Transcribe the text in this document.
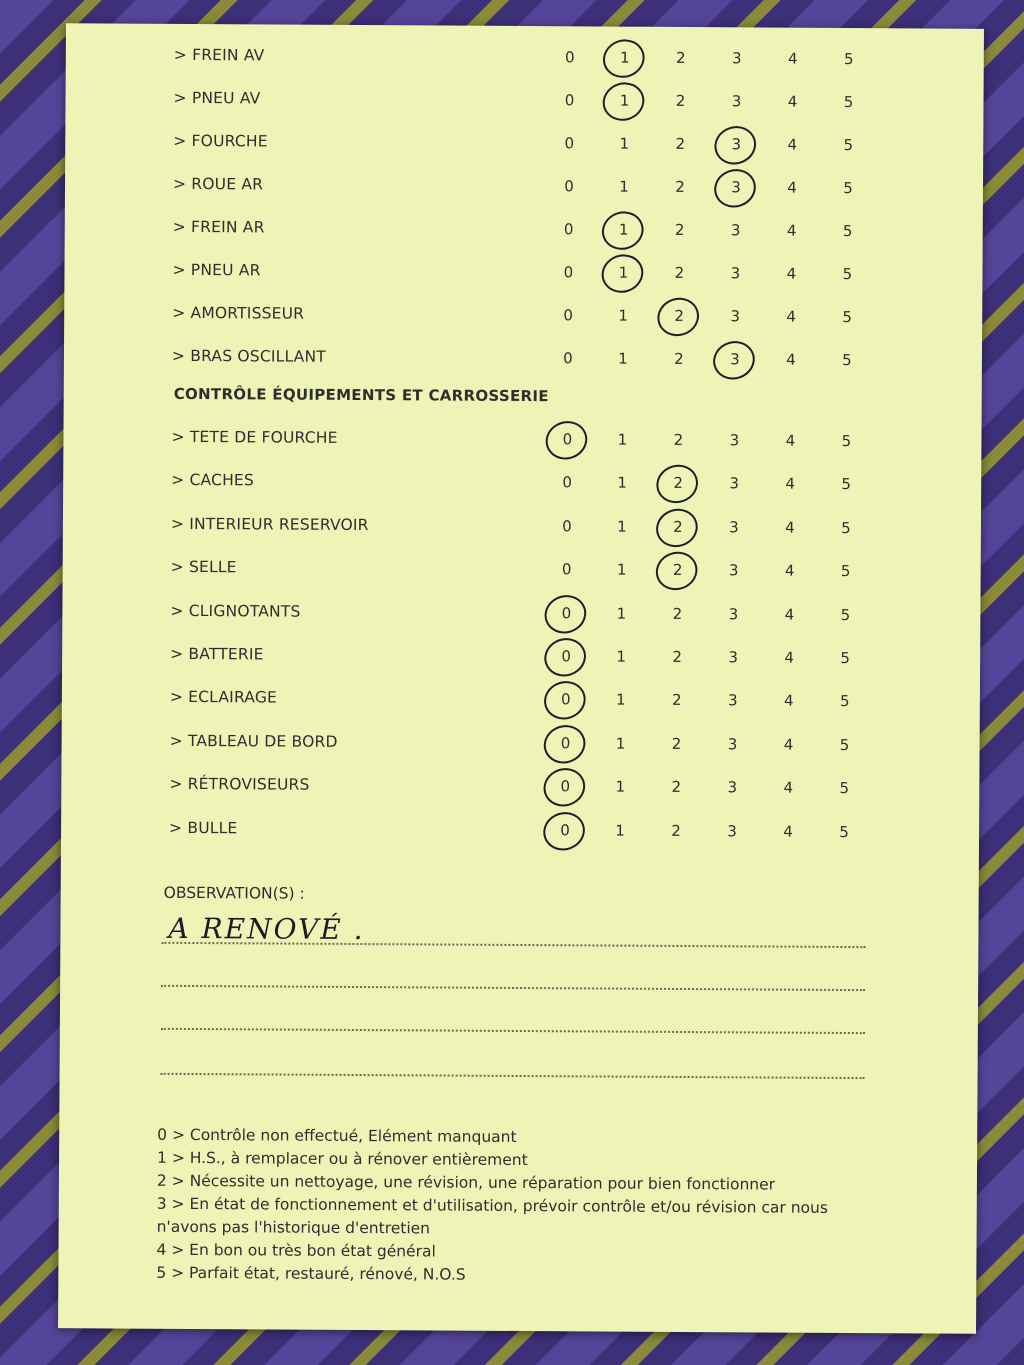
> FREIN AV	0	1	2	3	4	5
> PNEU AV	0	1	2	3	4	5
> FOURCHE	0	1	2	3	4	5
> ROUE AR	0	1	2	3	4	5
> FREIN AR	0	1	2	3	4	5
> PNEU AR	0	1	2	3	4	5
> AMORTISSEUR	0	1	2	3	4	5
> BRAS OSCILLANT	0	1	2	3	4	5
CONTRÔLE ÉQUIPEMENTS ET CARROSSERIE
> TETE DE FOURCHE	0	1	2	3	4	5
> CACHES	0	1	2	3	4	5
> INTERIEUR RESERVOIR	0	1	2	3	4	5
> SELLE	0	1	2	3	4	5
> CLIGNOTANTS	0	1	2	3	4	5
> BATTERIE	0	1	2	3	4	5
> ECLAIRAGE	0	1	2	3	4	5
> TABLEAU DE BORD	0	1	2	3	4	5
> RÉTROVISEURS	0	1	2	3	4	5
> BULLE	0	1	2	3	4	5
OBSERVATION(S) :
A RENOVÉ .
0 > Contrôle non effectué, Elément manquant
1 > H.S., à remplacer ou à rénover entièrement
2 > Nécessite un nettoyage, une révision, une réparation pour bien fonctionner
3 > En état de fonctionnement et d'utilisation, prévoir contrôle et/ou révision car nous n'avons pas l'historique d'entretien
4 > En bon ou très bon état général
5 > Parfait état, restauré, rénové, N.O.S
